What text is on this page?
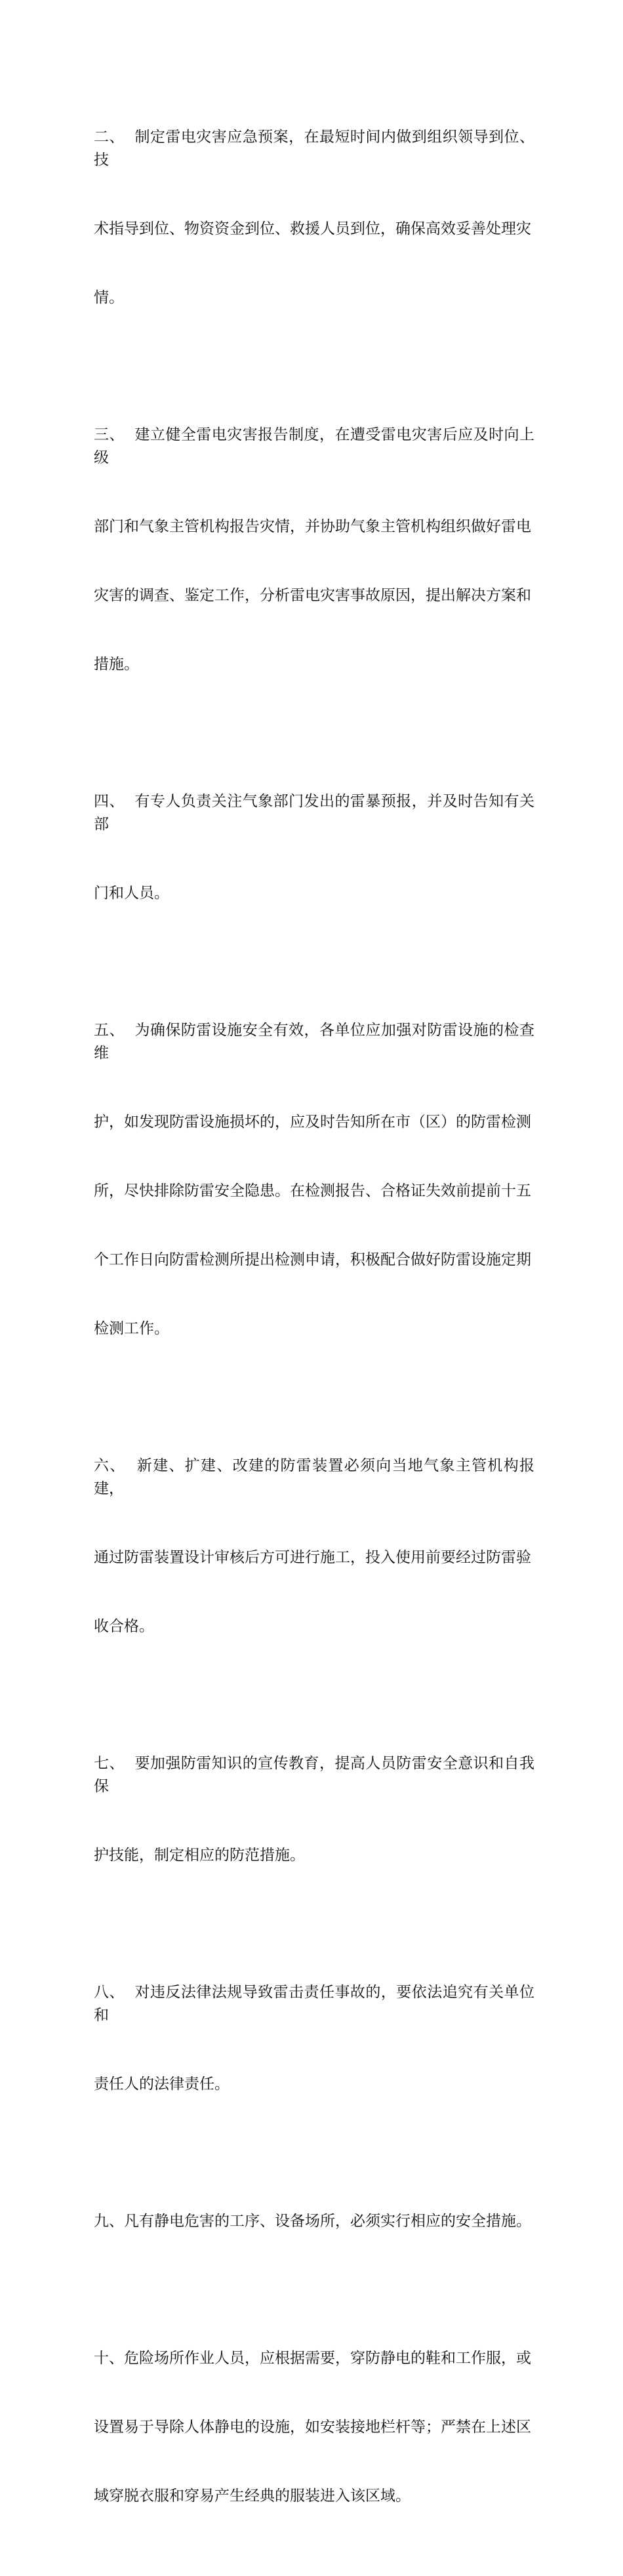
二、  制定雷电灾害应急预案，在最短时间内做到组织领导到位、技

术指导到位、物资资金到位、救援人员到位，确保高效妥善处理灾

情。

三、  建立健全雷电灾害报告制度，在遭受雷电灾害后应及时向上级

部门和气象主管机构报告灾情，并协助气象主管机构组织做好雷电

灾害的调查、鉴定工作，分析雷电灾害事故原因，提出解决方案和

措施。

四、  有专人负责关注气象部门发出的雷暴预报，并及时告知有关部

门和人员。

五、  为确保防雷设施安全有效，各单位应加强对防雷设施的检查维

护，如发现防雷设施损坏的，应及时告知所在市（区）的防雷检测

所，尽快排除防雷安全隐患。在检测报告、合格证失效前提前十五

个工作日向防雷检测所提出检测申请，积极配合做好防雷设施定期

检测工作。

六、  新建、扩建、改建的防雷装置必须向当地气象主管机构报建，

通过防雷装置设计审核后方可进行施工，投入使用前要经过防雷验

收合格。

七、  要加强防雷知识的宣传教育，提高人员防雷安全意识和自我保

护技能，制定相应的防范措施。

八、  对违反法律法规导致雷击责任事故的，要依法追究有关单位和

责任人的法律责任。

九、凡有静电危害的工序、设备场所，必须实行相应的安全措施。

十、危险场所作业人员，应根据需要，穿防静电的鞋和工作服，或

设置易于导除人体静电的设施，如安装接地栏杆等；严禁在上述区

域穿脱衣服和穿易产生经典的服装进入该区域。
